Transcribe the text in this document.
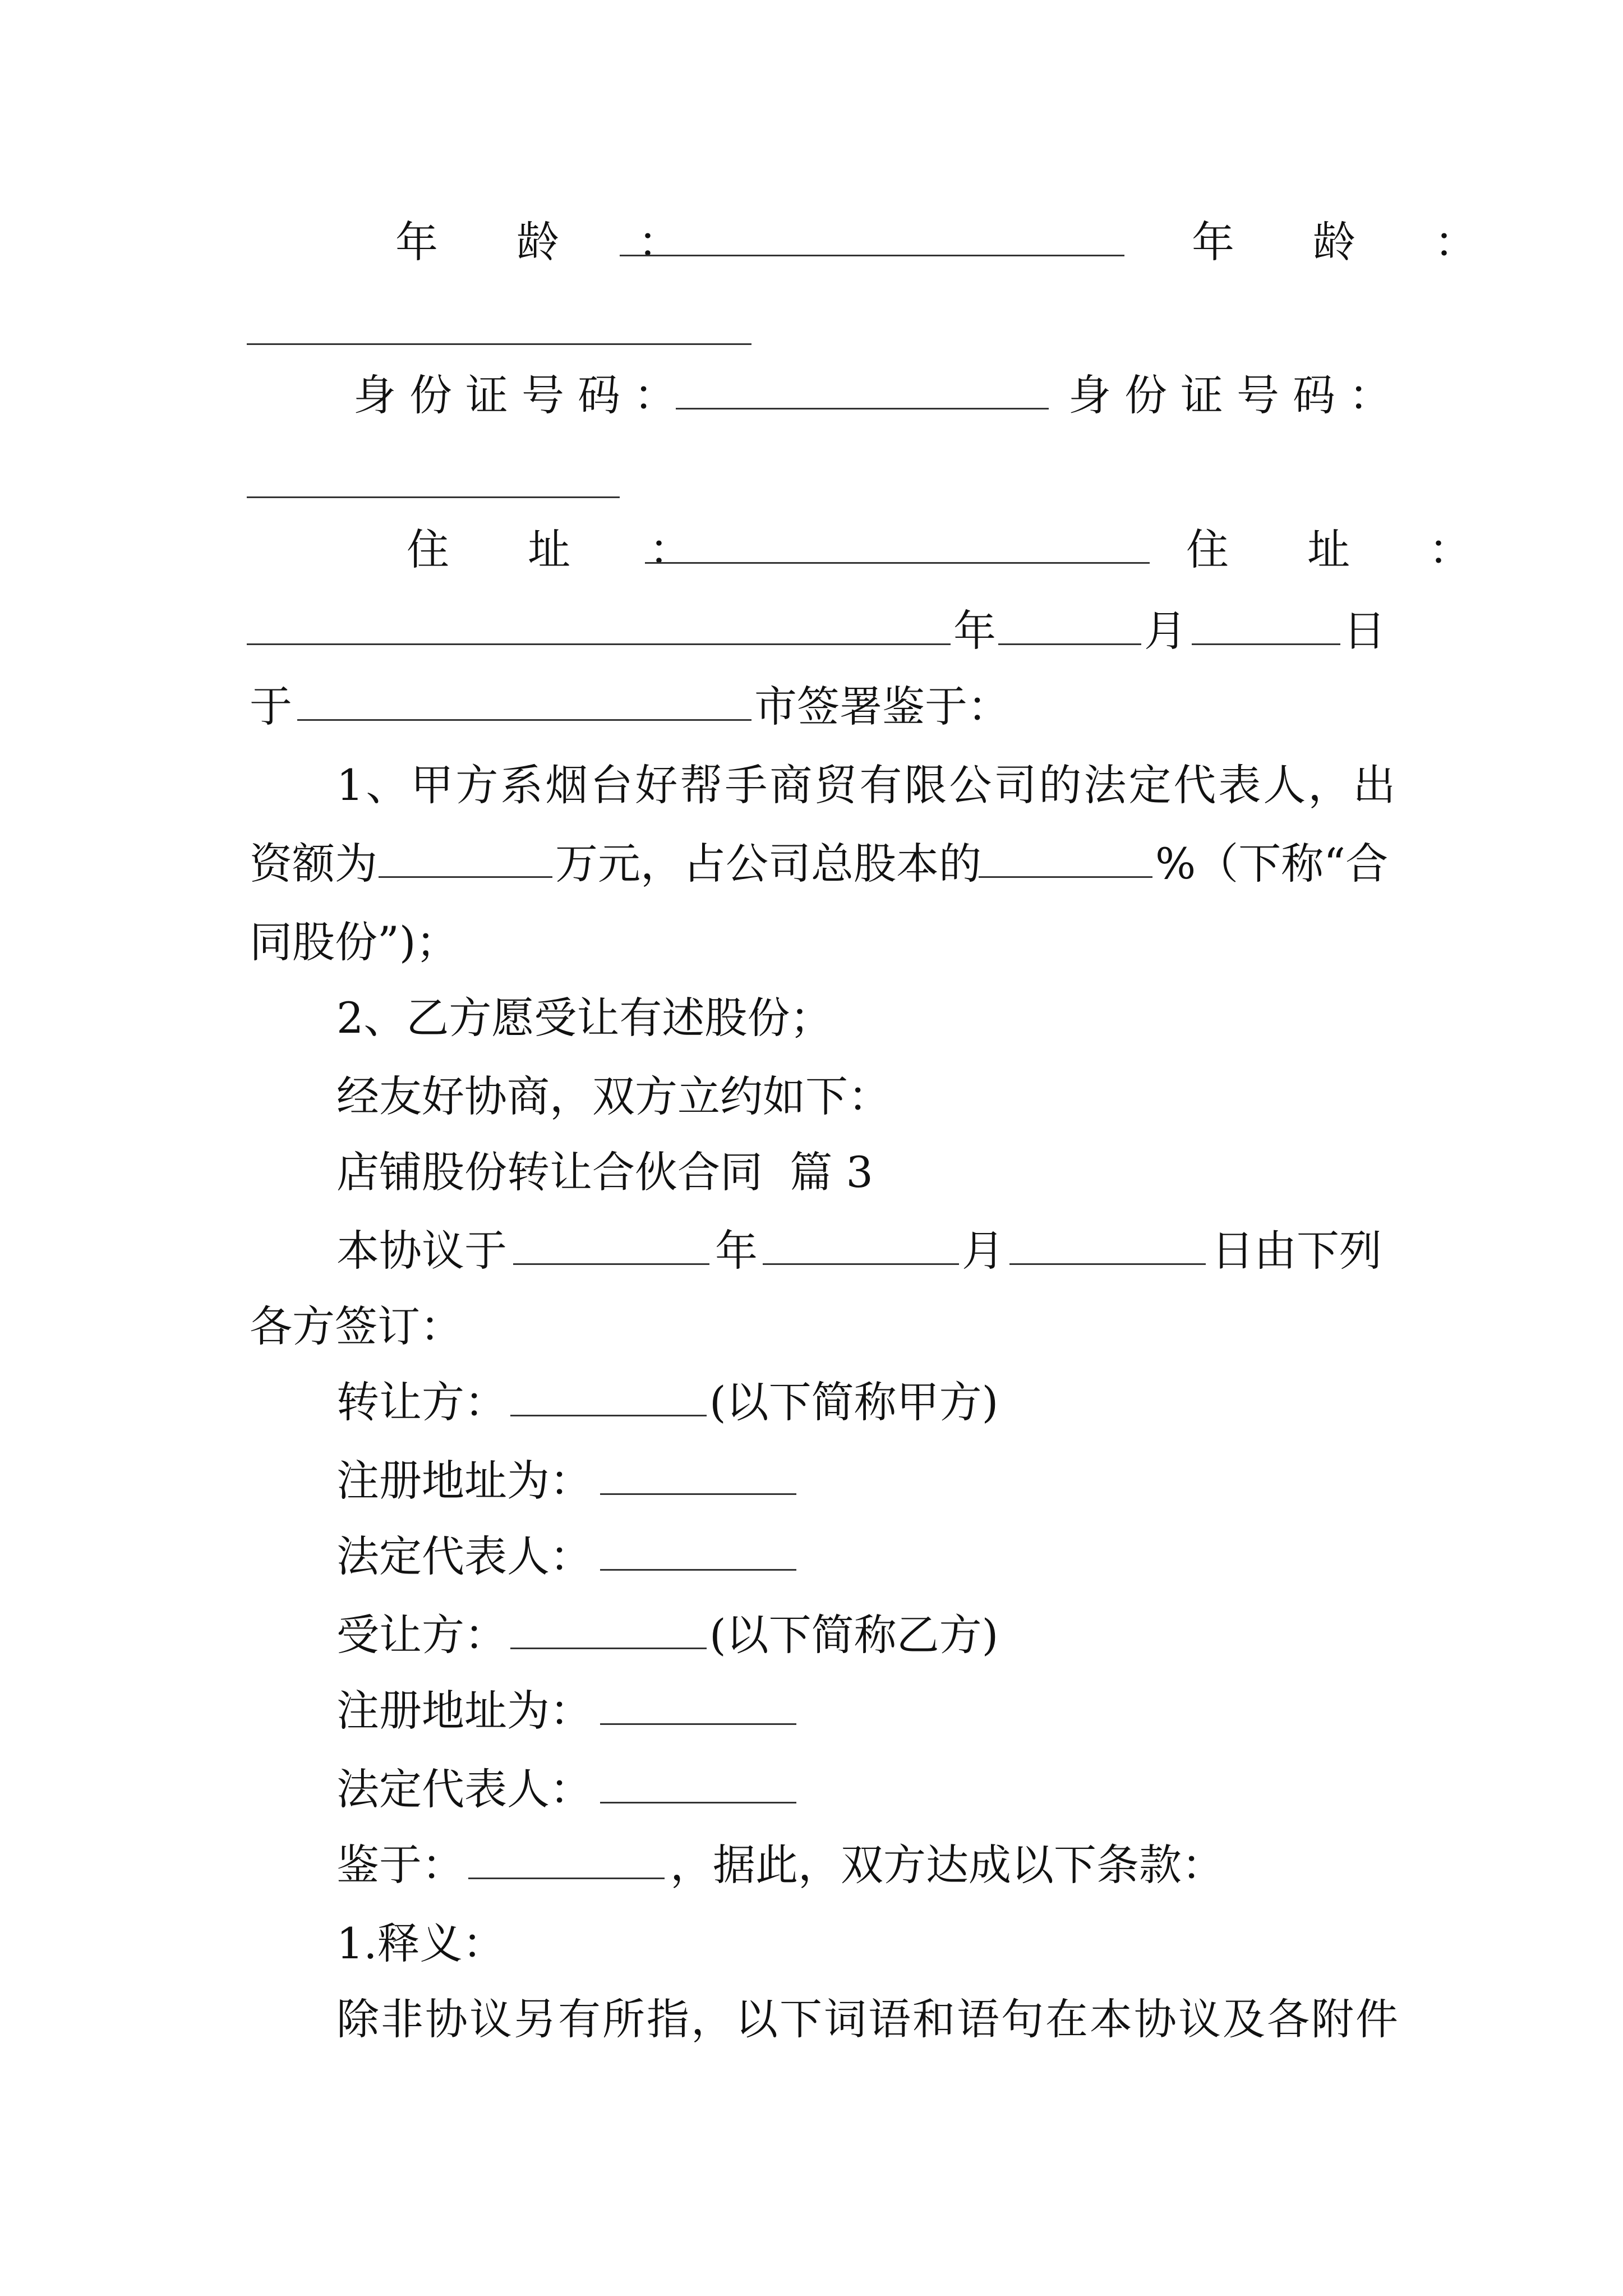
年 龄 ：	年 龄 ：
身份证号码：	身份证号码：
住 址 ：	住 址 ：
年	月	日
于	市签署鉴于：
1、甲方系烟台好帮手商贸有限公司的法定代表人，出
资额为	万元，占公司总股本的	%（下称“合
同股份”)；
2、乙方愿受让有述股份；
经友好协商，双方立约如下：
店铺股份转让合伙合同  篇 3
本协议于	年	月	日由下列
各方签订：
转让方：	(以下简称甲方)
注册地址为：
法定代表人：
受让方：	(以下简称乙方)
注册地址为：
法定代表人：
鉴于：	，据此，双方达成以下条款：
1.释义：
除非协议另有所指，以下词语和语句在本协议及各附件
